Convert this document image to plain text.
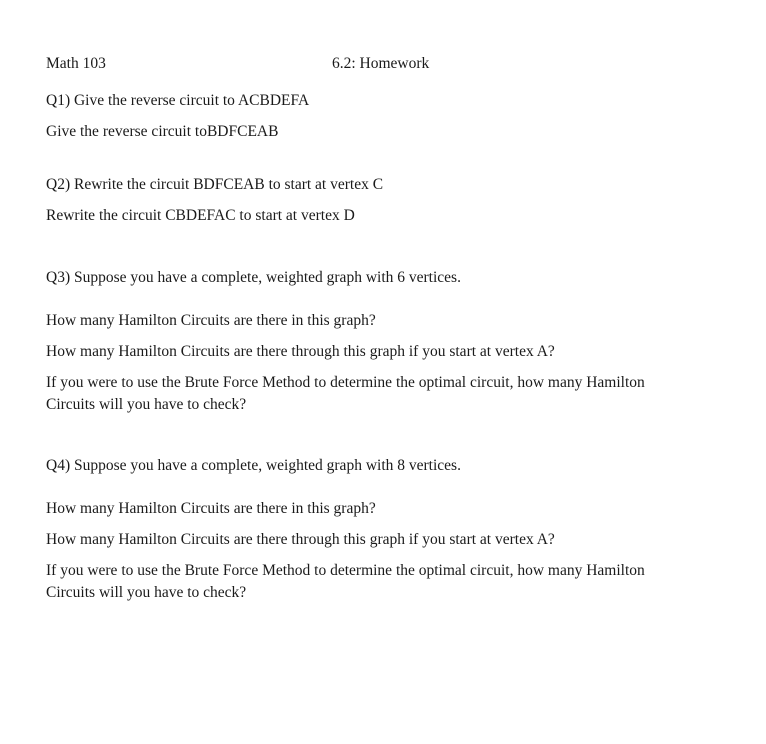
Math 103	6.2: Homework
Q1) Give the reverse circuit to ACBDEFA
Give the reverse circuit toBDFCEAB
Q2) Rewrite the circuit BDFCEAB to start at vertex C
Rewrite the circuit CBDEFAC to start at vertex D
Q3) Suppose you have a complete, weighted graph with 6 vertices.
How many Hamilton Circuits are there in this graph?
How many Hamilton Circuits are there through this graph if you start at vertex A?
If you were to use the Brute Force Method to determine the optimal circuit, how many Hamilton Circuits will you have to check?
Q4) Suppose you have a complete, weighted graph with 8 vertices.
How many Hamilton Circuits are there in this graph?
How many Hamilton Circuits are there through this graph if you start at vertex A?
If you were to use the Brute Force Method to determine the optimal circuit, how many Hamilton Circuits will you have to check?
